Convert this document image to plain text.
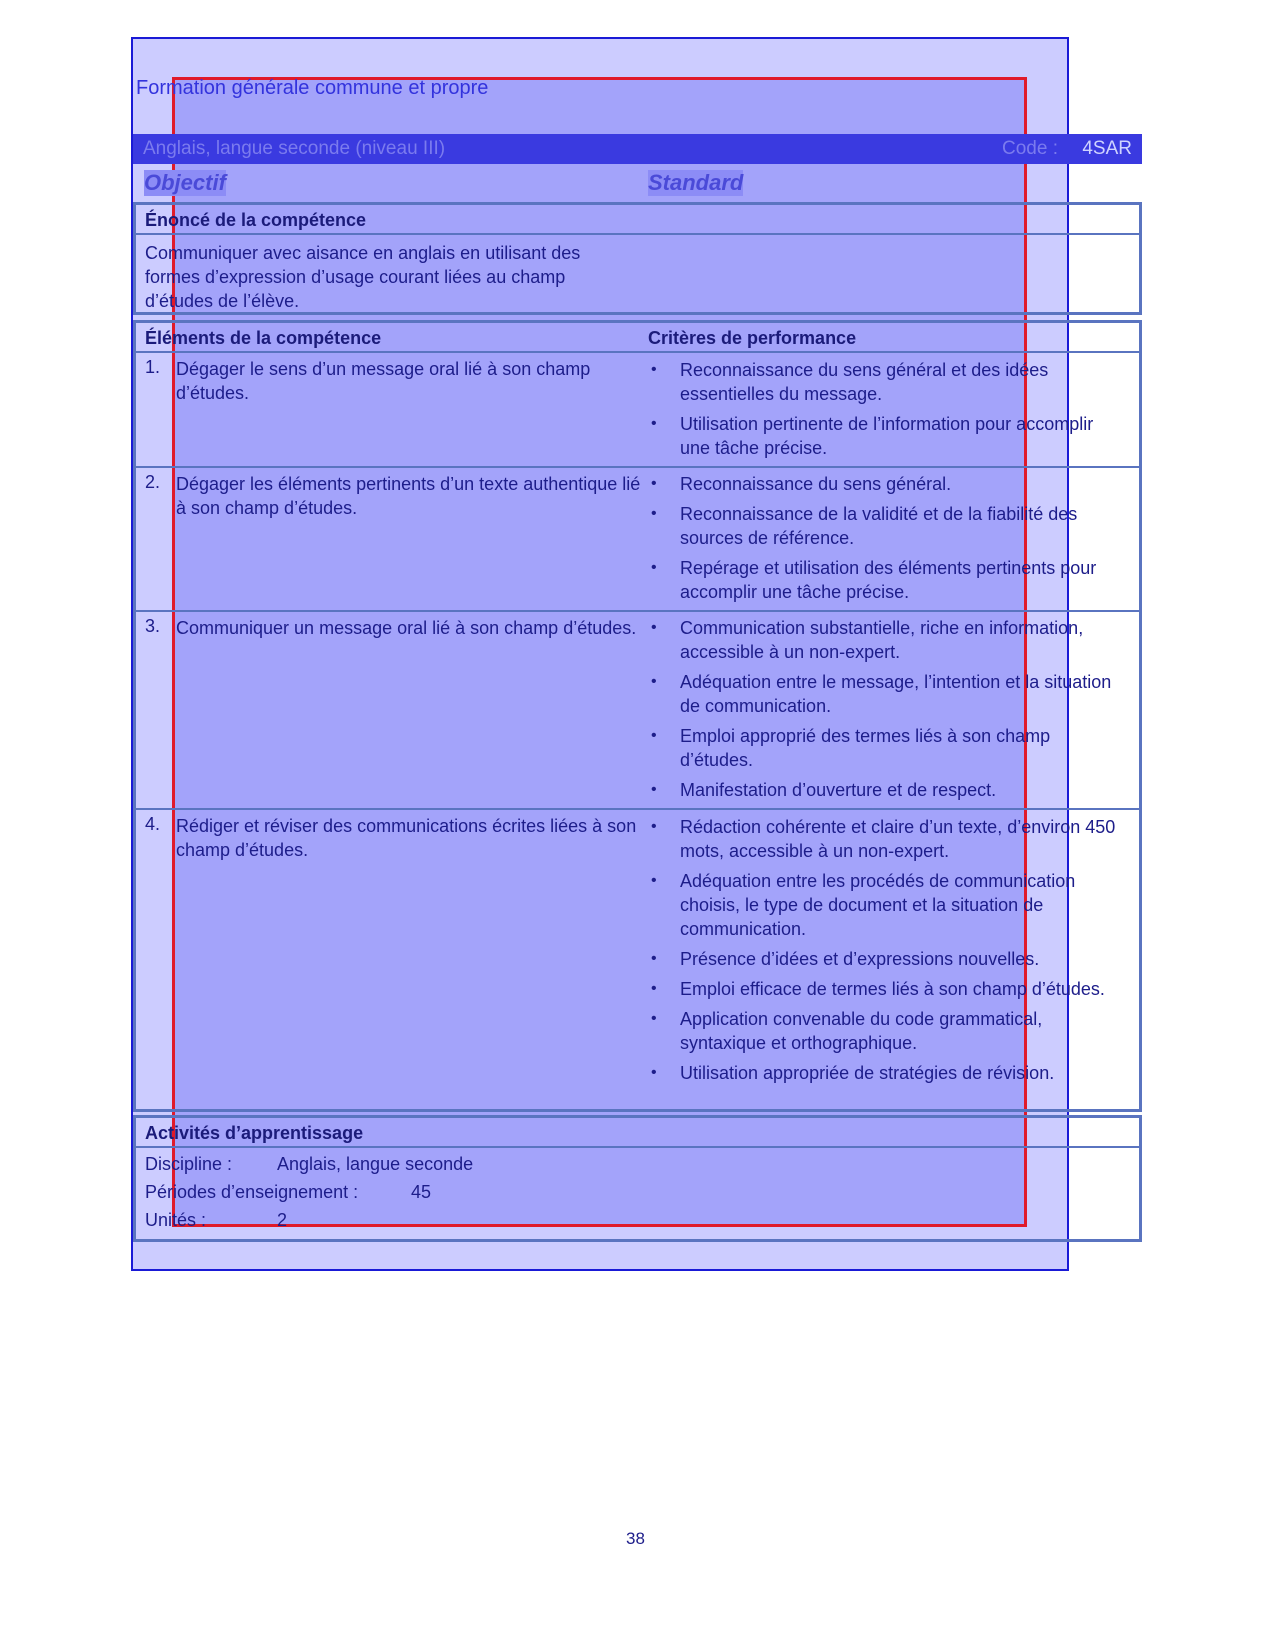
Formation générale commune et propre
Anglais, langue seconde (niveau III)	Code : 4SAR
Objectif	Standard
Énoncé de la compétence
Communiquer avec aisance en anglais en utilisant des formes d’expression d’usage courant liées au champ d’études de l’élève.
Éléments de la compétence	Critères de performance
1. Dégager le sens d’un message oral lié à son champ d’études.
• Reconnaissance du sens général et des idées essentielles du message.
• Utilisation pertinente de l’information pour accomplir une tâche précise.
2. Dégager les éléments pertinents d’un texte authentique lié à son champ d’études.
• Reconnaissance du sens général.
• Reconnaissance de la validité et de la fiabilité des sources de référence.
• Repérage et utilisation des éléments pertinents pour accomplir une tâche précise.
3. Communiquer un message oral lié à son champ d’études. • Communication substantielle, riche en information, accessible à un non-expert.
• Adéquation entre le message, l’intention et la situation de communication.
• Emploi approprié des termes liés à son champ d’études.
• Manifestation d’ouverture et de respect.
4. Rédiger et réviser des communications écrites liées à son champ d’études.
• Rédaction cohérente et claire d’un texte, d’environ 450 mots, accessible à un non-expert.
• Adéquation entre les procédés de communication choisis, le type de document et la situation de communication.
• Présence d’idées et d’expressions nouvelles.
• Emploi efficace de termes liés à son champ d’études.
• Application convenable du code grammatical, syntaxique et orthographique.
• Utilisation appropriée de stratégies de révision.
Activités d’apprentissage
Discipline : Anglais, langue seconde
Périodes d’enseignement :	45
Unités :	2
38
